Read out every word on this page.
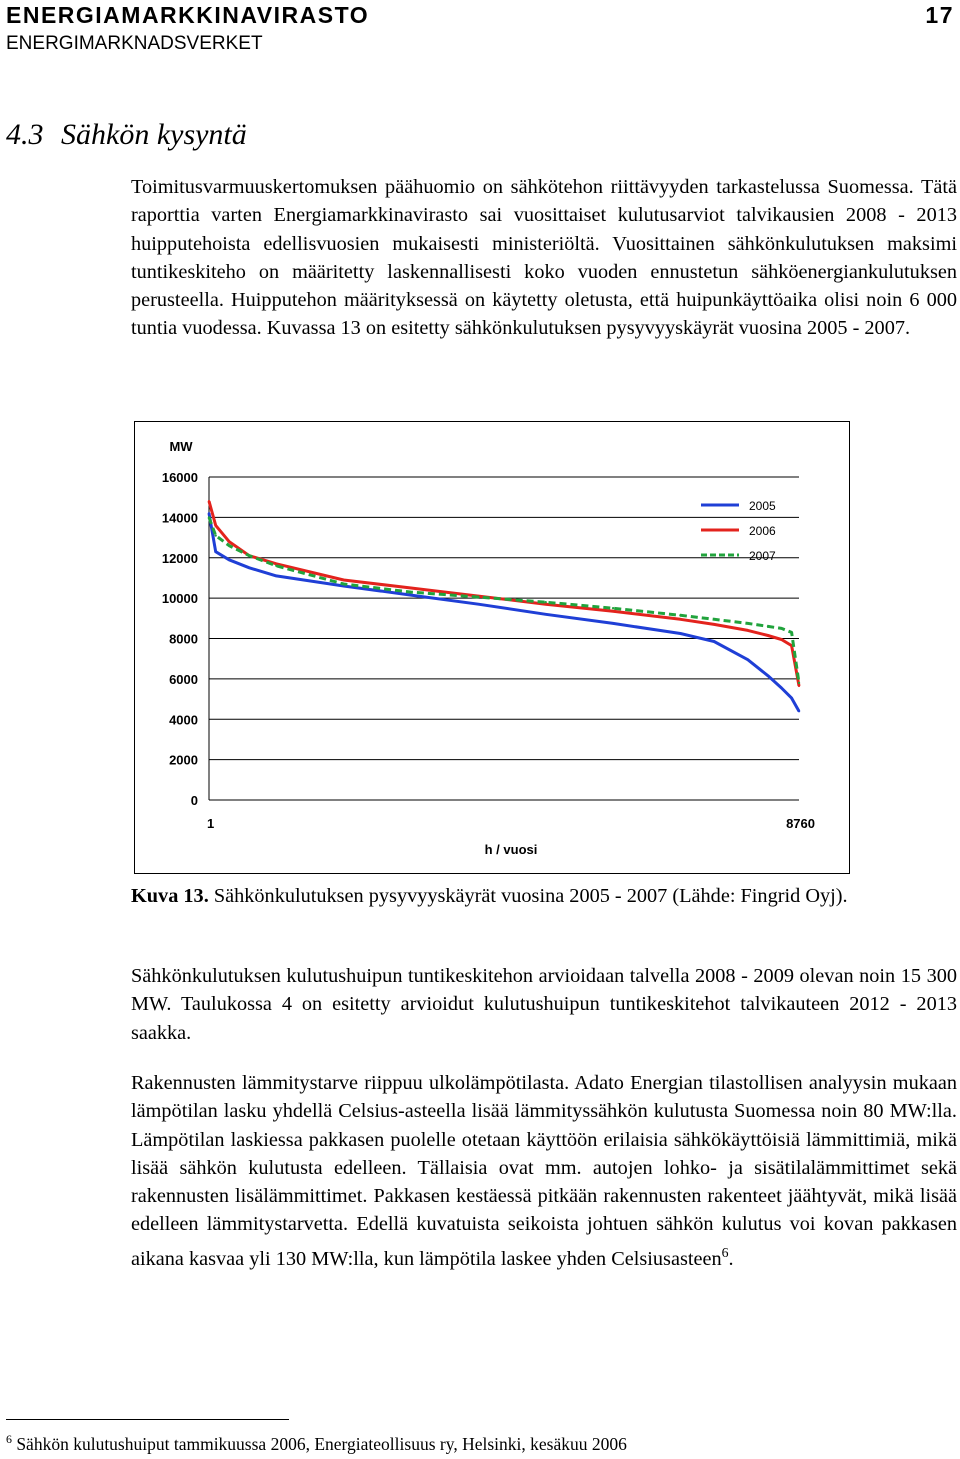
ENERGIAMARKKINAVIRASTO	17
ENERGIMARKNADSVERKET
4.3 Sähkön kysyntä

Toimitusvarmuuskertomuksen päähuomio on sähkötehon riittävyyden tarkastelussa Suomessa. Tätä raporttia varten Energiamarkkinavirasto sai vuosittaiset kulutusarviot talvikausien 2008 - 2013 huipputehoista edellisvuosien mukaisesti ministeriöltä. Vuosittainen sähkönkulutuksen maksimi tuntikeskiteho on määritetty laskennallisesti koko vuoden ennustetun sähköenergiankulutuksen perusteella. Huipputehon määrityksessä on käytetty oletusta, että huipunkäyttöaika olisi noin 6 000 tuntia vuodessa. Kuvassa 13 on esitetty sähkönkulutuksen pysyvyyskäyrät vuosina 2005 - 2007.

MW
16000
14000
12000
10000
8000
6000
4000
2000
0
1	8760
h / vuosi
2005
2006
2007

Kuva 13. Sähkönkulutuksen pysyvyyskäyrät vuosina 2005 - 2007 (Lähde: Fingrid Oyj).

Sähkönkulutuksen kulutushuipun tuntikeskitehon arvioidaan talvella 2008 - 2009 olevan noin 15 300 MW. Taulukossa 4 on esitetty arvioidut kulutushuipun tuntikeskitehot talvikauteen 2012 - 2013 saakka.

Rakennusten lämmitystarve riippuu ulkolämpötilasta. Adato Energian tilastollisen analyysin mukaan lämpötilan lasku yhdellä Celsius-asteella lisää lämmityssähkön kulutusta Suomessa noin 80 MW:lla. Lämpötilan laskiessa pakkasen puolelle otetaan käyttöön erilaisia sähkökäyttöisiä lämmittimiä, mikä lisää sähkön kulutusta edelleen. Tällaisia ovat mm. autojen lohko- ja sisätilalämmittimet sekä rakennusten lisälämmittimet. Pakkasen kestäessä pitkään rakennusten rakenteet jäähtyvät, mikä lisää edelleen lämmitystarvetta. Edellä kuvatuista seikoista johtuen sähkön kulutus voi kovan pakkasen aikana kasvaa yli 130 MW:lla, kun lämpötila laskee yhden Celsiusasteen$^6$.

$^6$ Sähkön kulutushuiput tammikuussa 2006, Energiateollisuus ry, Helsinki, kesäkuu 2006
